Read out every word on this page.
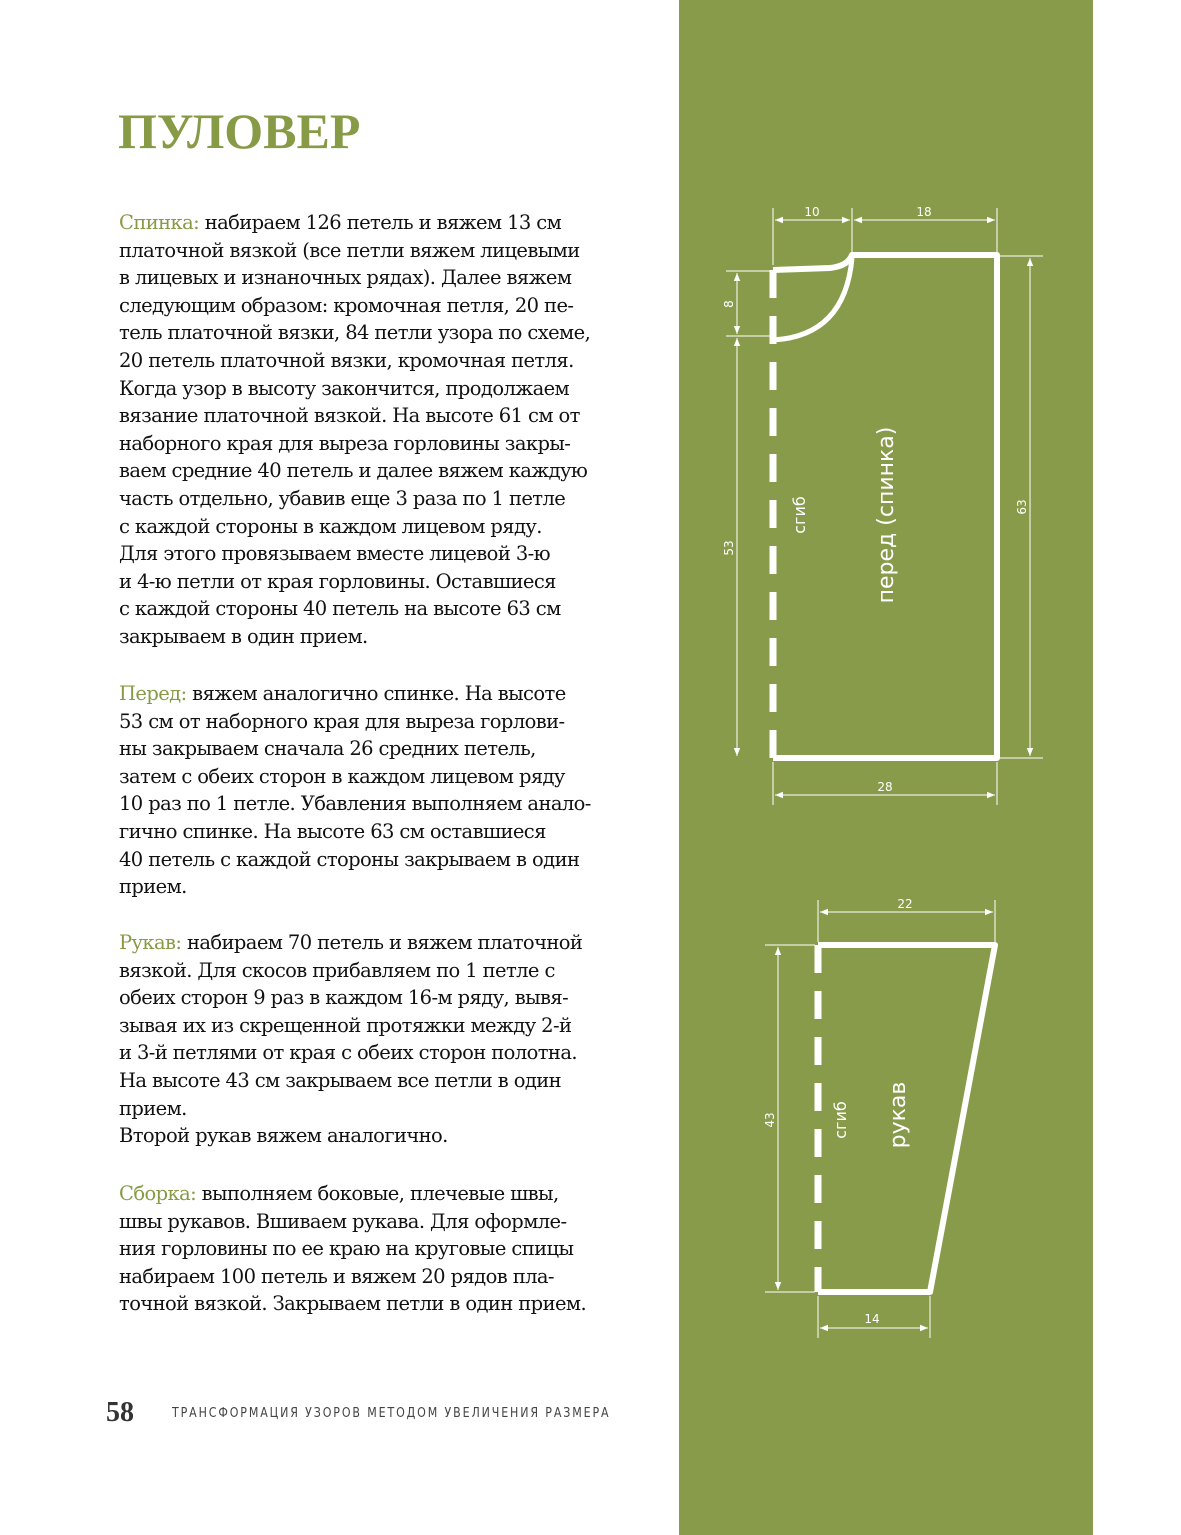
ПУЛОВЕР
Спинка: набираем 126 петель и вяжем 13 см
платочной вязкой (все петли вяжем лицевыми
в лицевых и изнаночных рядах). Далее вяжем
следующим образом: кромочная петля, 20 пе-
тель платочной вязки, 84 петли узора по схеме,
20 петель платочной вязки, кромочная петля.
Когда узор в высоту закончится, продолжаем
вязание платочной вязкой. На высоте 61 см от
наборного края для выреза горловины закры-
ваем средние 40 петель и далее вяжем каждую
часть отдельно, убавив еще 3 раза по 1 петле
с каждой стороны в каждом лицевом ряду.
Для этого провязываем вместе лицевой 3-ю
и 4-ю петли от края горловины. Оставшиеся
с каждой стороны 40 петель на высоте 63 см
закрываем в один прием.
Перед: вяжем аналогично спинке. На высоте
53 см от наборного края для выреза горлови-
ны закрываем сначала 26 средних петель,
затем с обеих сторон в каждом лицевом ряду
10 раз по 1 петле. Убавления выполняем анало-
гично спинке. На высоте 63 см оставшиеся
40 петель с каждой стороны закрываем в один
прием.
Рукав: набираем 70 петель и вяжем платочной
вязкой. Для скосов прибавляем по 1 петле с
обеих сторон 9 раз в каждом 16-м ряду, вывя-
зывая их из скрещенной протяжки между 2-й
и 3-й петлями от края с обеих сторон полотна.
На высоте 43 см закрываем все петли в один
прием.
Второй рукав вяжем аналогично.
Сборка: выполняем боковые, плечевые швы,
швы рукавов. Вшиваем рукава. Для оформле-
ния горловины по ее краю на круговые спицы
набираем 100 петель и вяжем 20 рядов пла-
точной вязкой. Закрываем петли в один прием.
10	18
8
53
63
28
сгиб	перед (спинка)
22
43
14
сгиб рукав
58	ТРАНСФОРМАЦИЯ УЗОРОВ МЕТОДОМ УВЕЛИЧЕНИЯ РАЗМЕРА
